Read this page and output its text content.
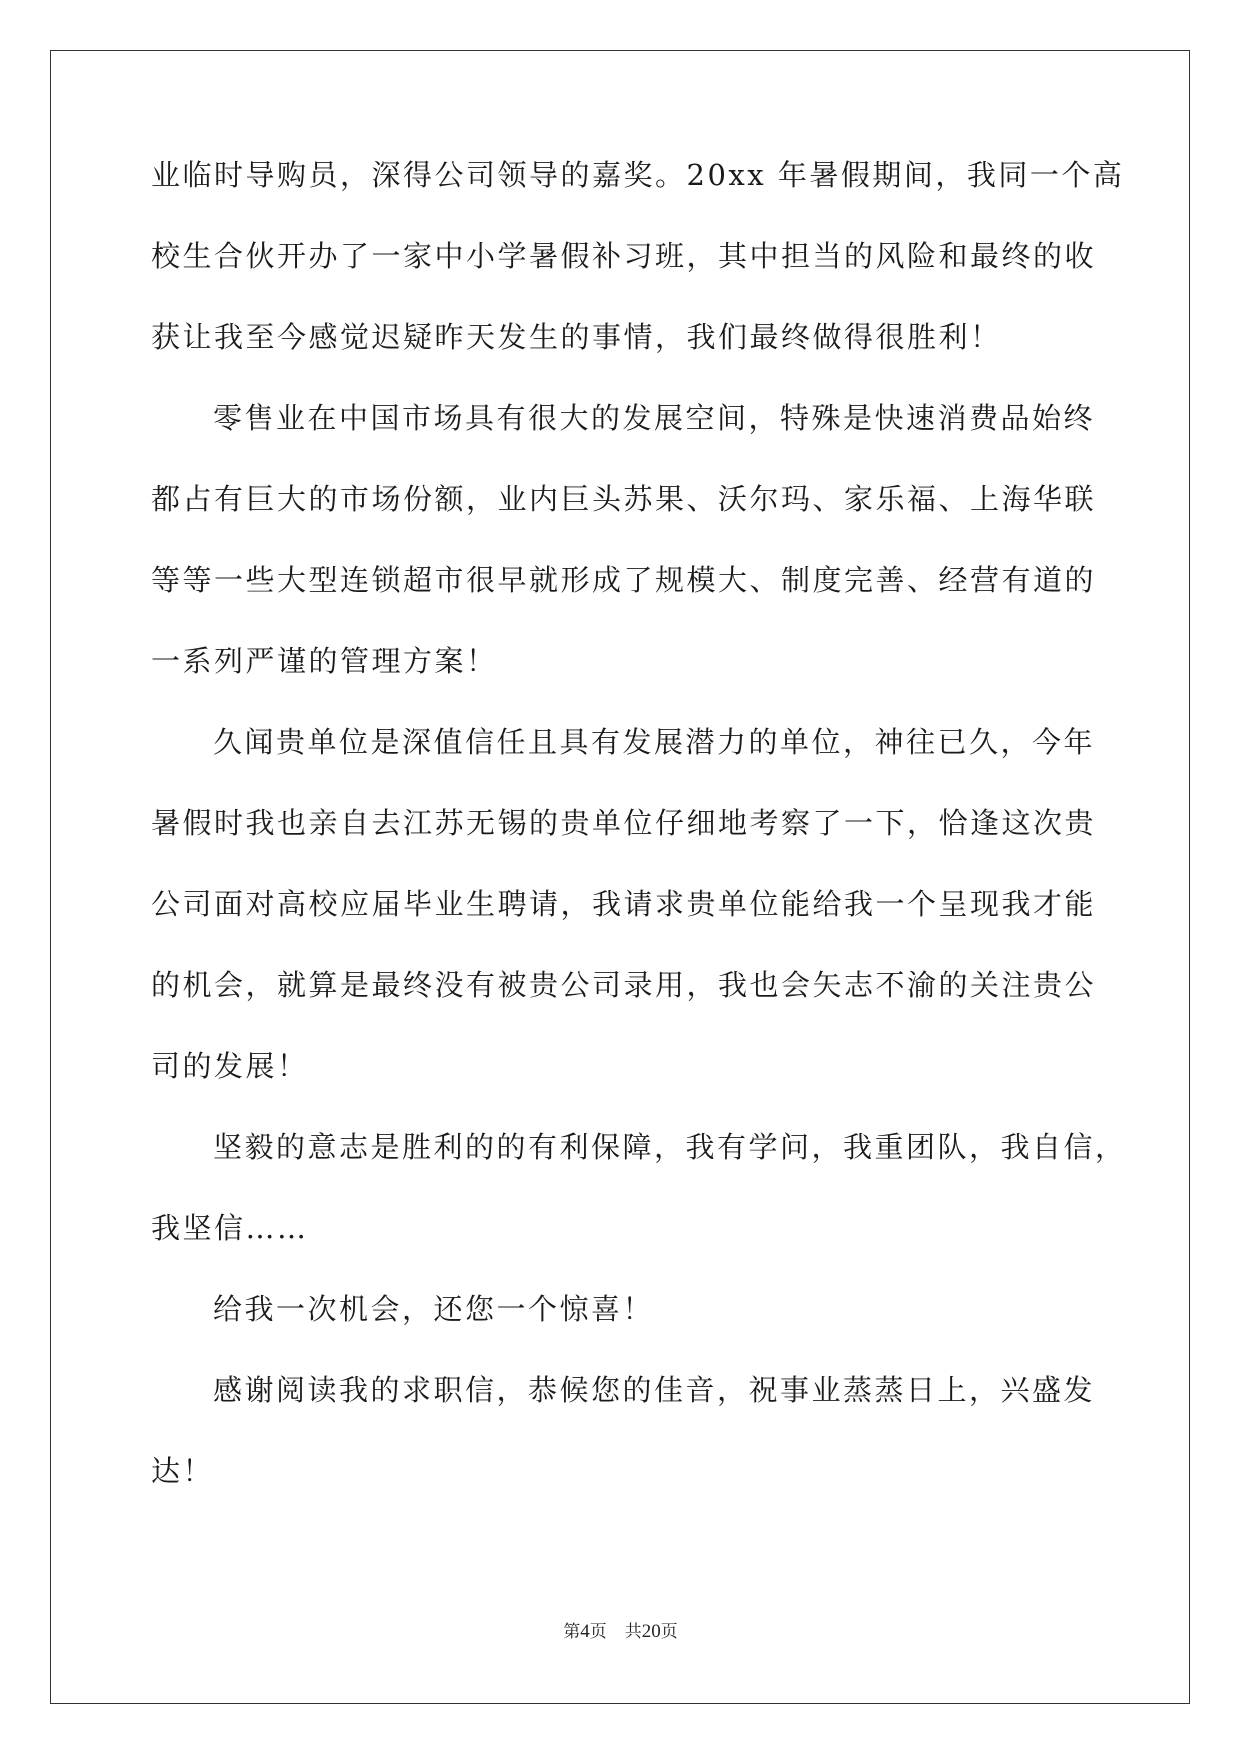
业临时导购员，深得公司领导的嘉奖。20xx 年暑假期间，我同一个高
校生合伙开办了一家中小学暑假补习班，其中担当的风险和最终的收
获让我至今感觉迟疑昨天发生的事情，我们最终做得很胜利！
零售业在中国市场具有很大的发展空间，特殊是快速消费品始终
都占有巨大的市场份额，业内巨头苏果、沃尔玛、家乐福、上海华联
等等一些大型连锁超市很早就形成了规模大、制度完善、经营有道的
一系列严谨的管理方案！
久闻贵单位是深值信任且具有发展潜力的单位，神往已久，今年
暑假时我也亲自去江苏无锡的贵单位仔细地考察了一下，恰逢这次贵
公司面对高校应届毕业生聘请，我请求贵单位能给我一个呈现我才能
的机会，就算是最终没有被贵公司录用，我也会矢志不渝的关注贵公
司的发展！
坚毅的意志是胜利的的有利保障，我有学问，我重团队，我自信，
我坚信……
给我一次机会，还您一个惊喜！
感谢阅读我的求职信，恭候您的佳音，祝事业蒸蒸日上，兴盛发
达！
第4页 共20页
